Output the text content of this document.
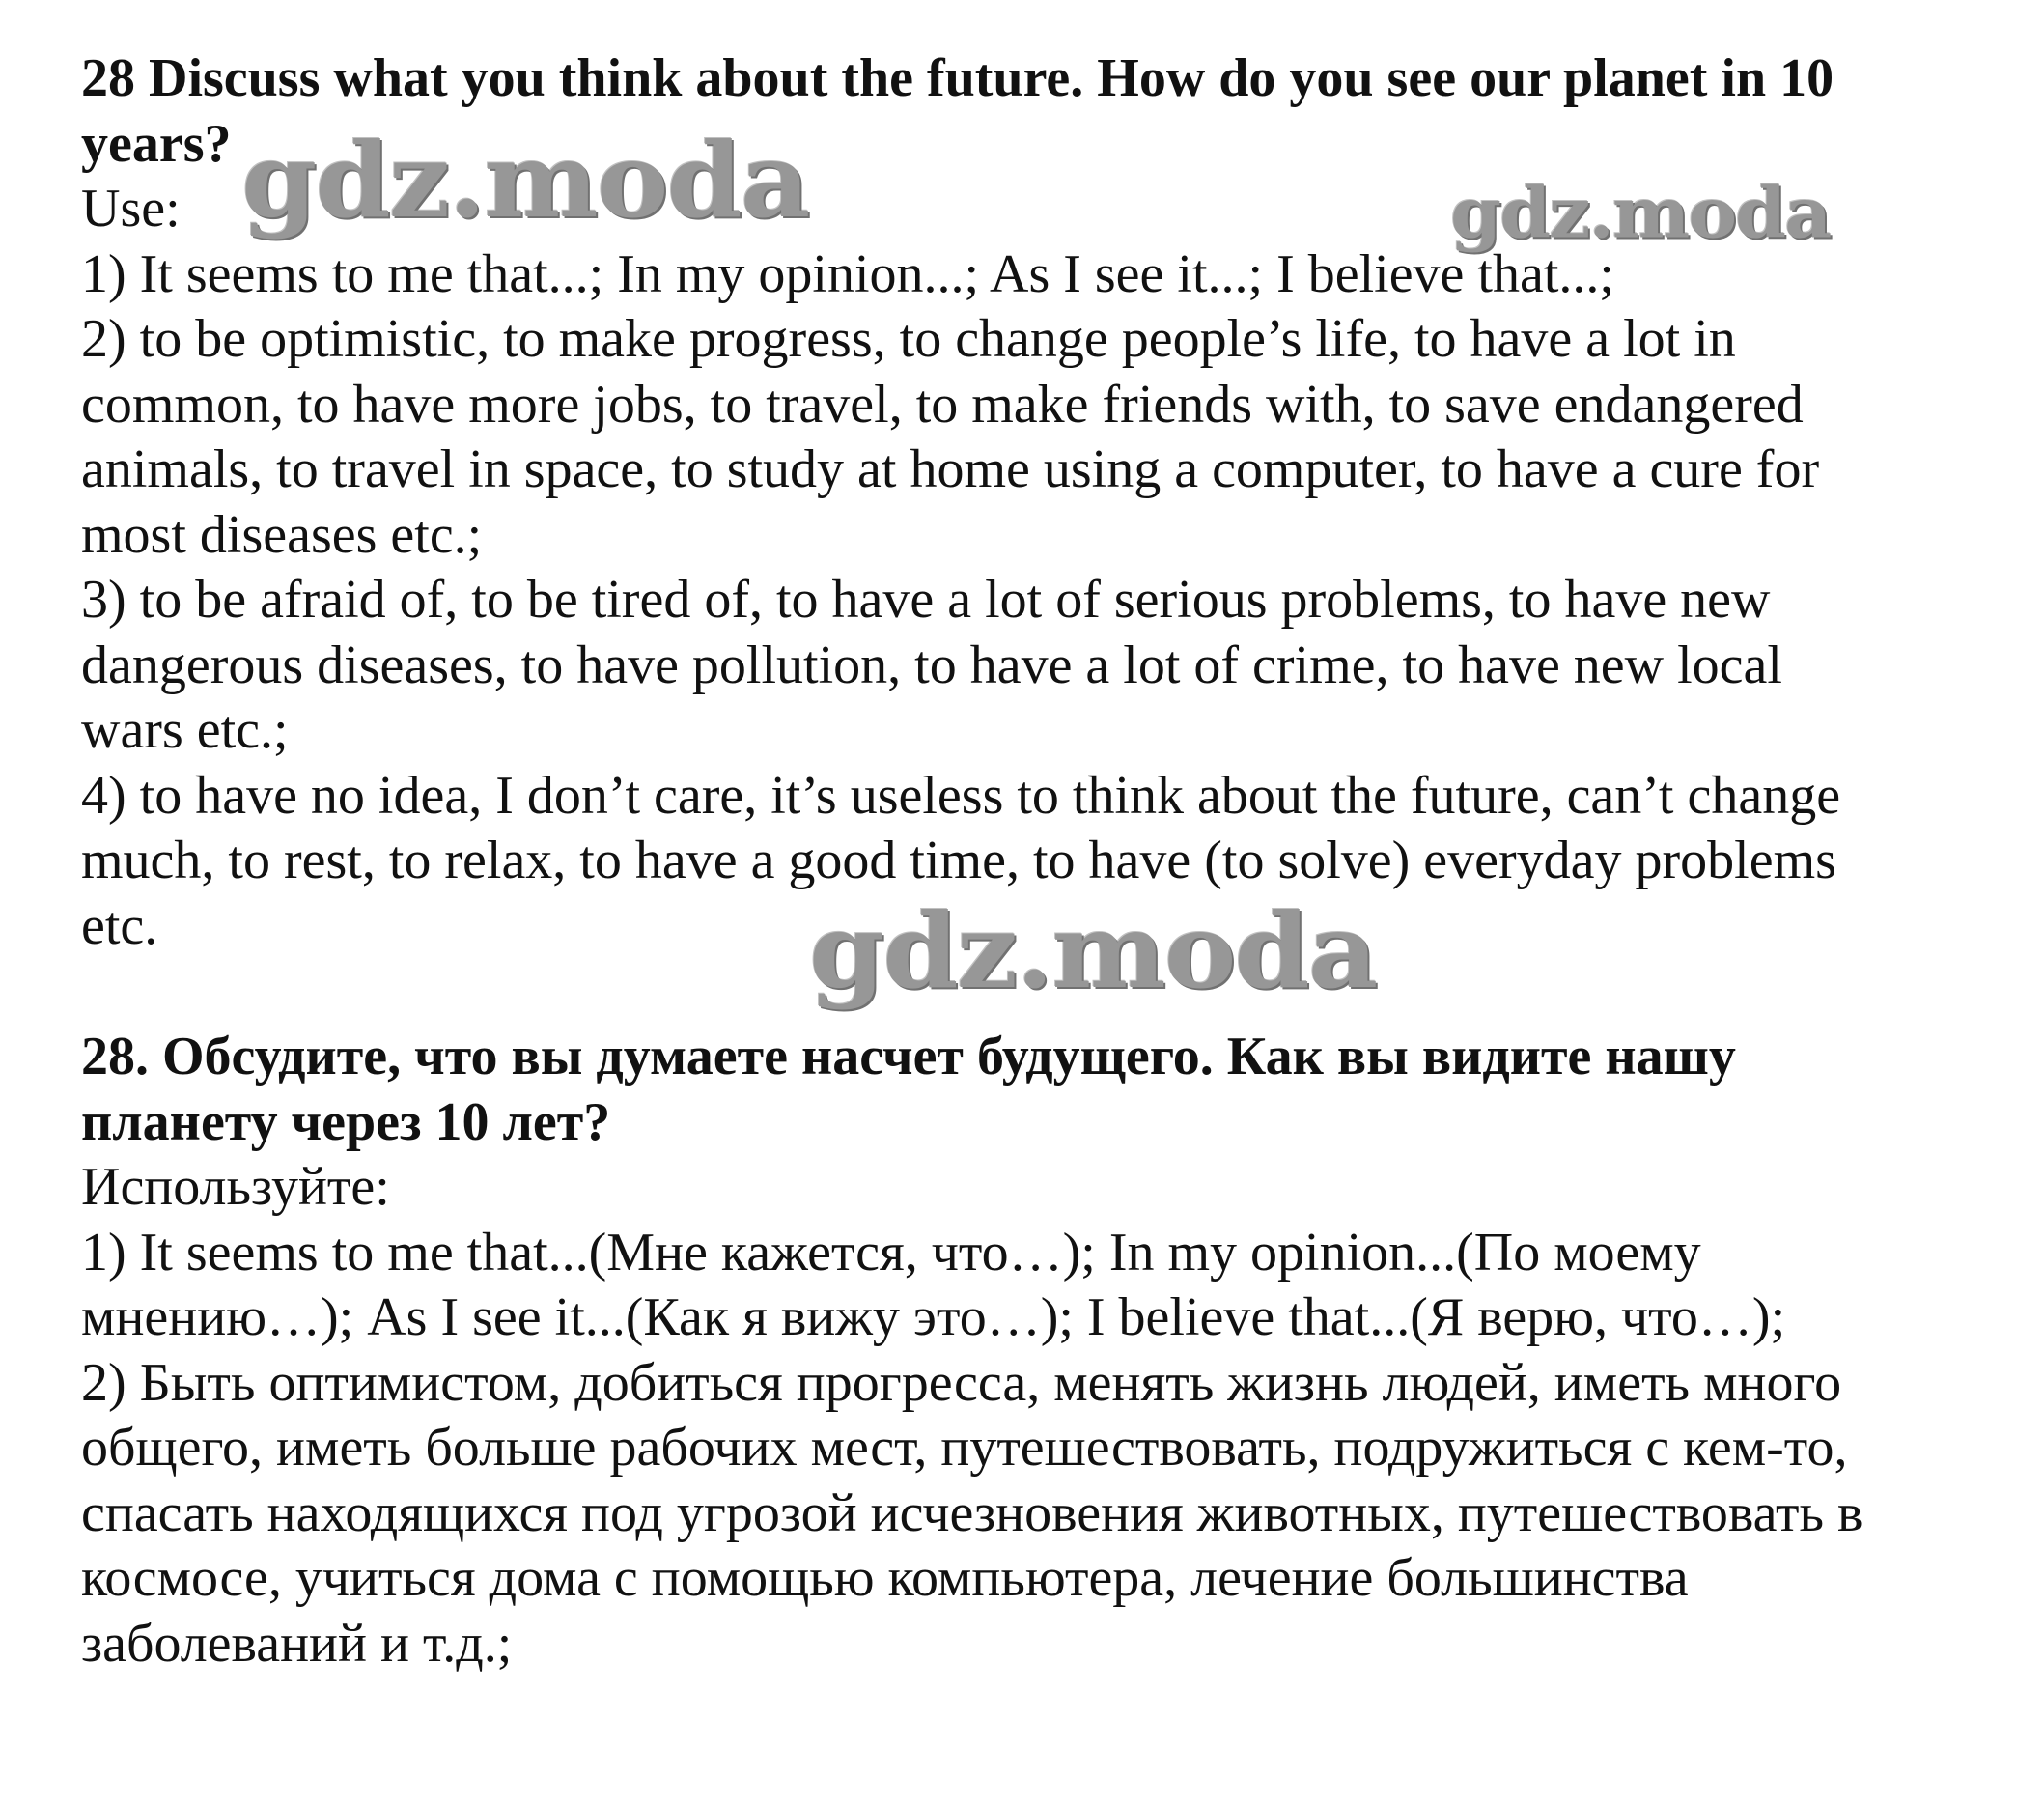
28 Discuss what you think about the future. How do you see our planet in 10
years?
Use:
1) It seems to me that...; In my opinion...; As I see it...; I believe that...;
2) to be optimistic, to make progress, to change people’s life, to have a lot in
common, to have more jobs, to travel, to make friends with, to save endangered
animals, to travel in space, to study at home using a computer, to have a cure for
most diseases etc.;
3) to be afraid of, to be tired of, to have a lot of serious problems, to have new
dangerous diseases, to have pollution, to have a lot of crime, to have new local
wars etc.;
4) to have no idea, I don’t care, it’s useless to think about the future, can’t change
much, to rest, to relax, to have a good time, to have (to solve) everyday problems
etc.
28. Обсудите, что вы думаете насчет будущего. Как вы видите нашу
планету через 10 лет?
Используйте:
1) It seems to me that...(Мне кажется, что…); In my opinion...(По моему
мнению…); As I see it...(Как я вижу это…); I believe that...(Я верю, что…);
2) Быть оптимистом, добиться прогресса, менять жизнь людей, иметь много
общего, иметь больше рабочих мест, путешествовать, подружиться с кем-то,
спасать находящихся под угрозой исчезновения животных, путешествовать в
космосе, учиться дома с помощью компьютера, лечение большинства
заболеваний и т.д.;
gdz.moda	gdz.moda
gdz.moda
